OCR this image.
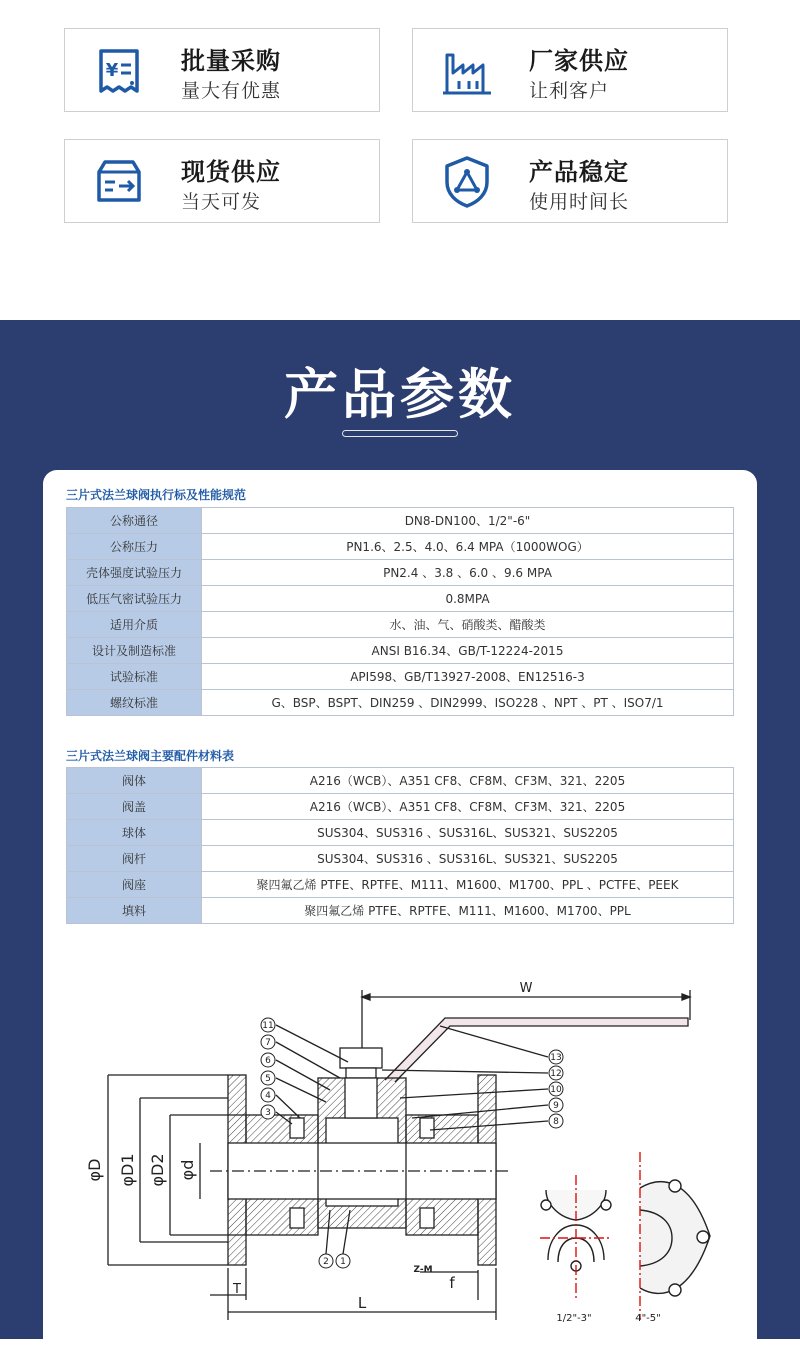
¥	批量采购
量大有优惠
厂家供应
让利客户
现货供应
当天可发
产品稳定
使用时间长
产品参数
三片式法兰球阀执行标及性能规范
公称通径	DN8-DN100、1/2"-6"
公称压力	PN1.6、2.5、4.0、6.4 MPA（1000WOG）
壳体强度试验压力	PN2.4 、3.8 、6.0 、9.6 MPA
低压气密试验压力	0.8MPA
适用介质	水、油、气、硝酸类、醋酸类
设计及制造标准	ANSI B16.34、GB/T-12224-2015
试验标准	API598、GB/T13927-2008、EN12516-3
螺纹标准	G、BSP、BSPT、DIN259 、DIN2999、ISO228 、NPT 、PT 、ISO7/1
三片式法兰球阀主要配件材料表
阀体	A216（WCB）、A351 CF8、CF8M、CF3M、321、2205
阀盖	A216（WCB）、A351 CF8、CF8M、CF3M、321、2205
球体	SUS304、SUS316 、SUS316L、SUS321、SUS2205
阀杆	SUS304、SUS316 、SUS316L、SUS321、SUS2205
阀座	聚四氟乙烯 PTFE、RPTFE、M111、M1600、M1700、PPL 、PCTFE、PEEK
填料	聚四氟乙烯 PTFE、RPTFE、M111、M1600、M1700、PPL
11
7
6
5
4
3
13
12
10
9
8
2 1
W
φD φD1 φD2 φd
T
L
f
Z-M
1/2"-3"	4"-5"
